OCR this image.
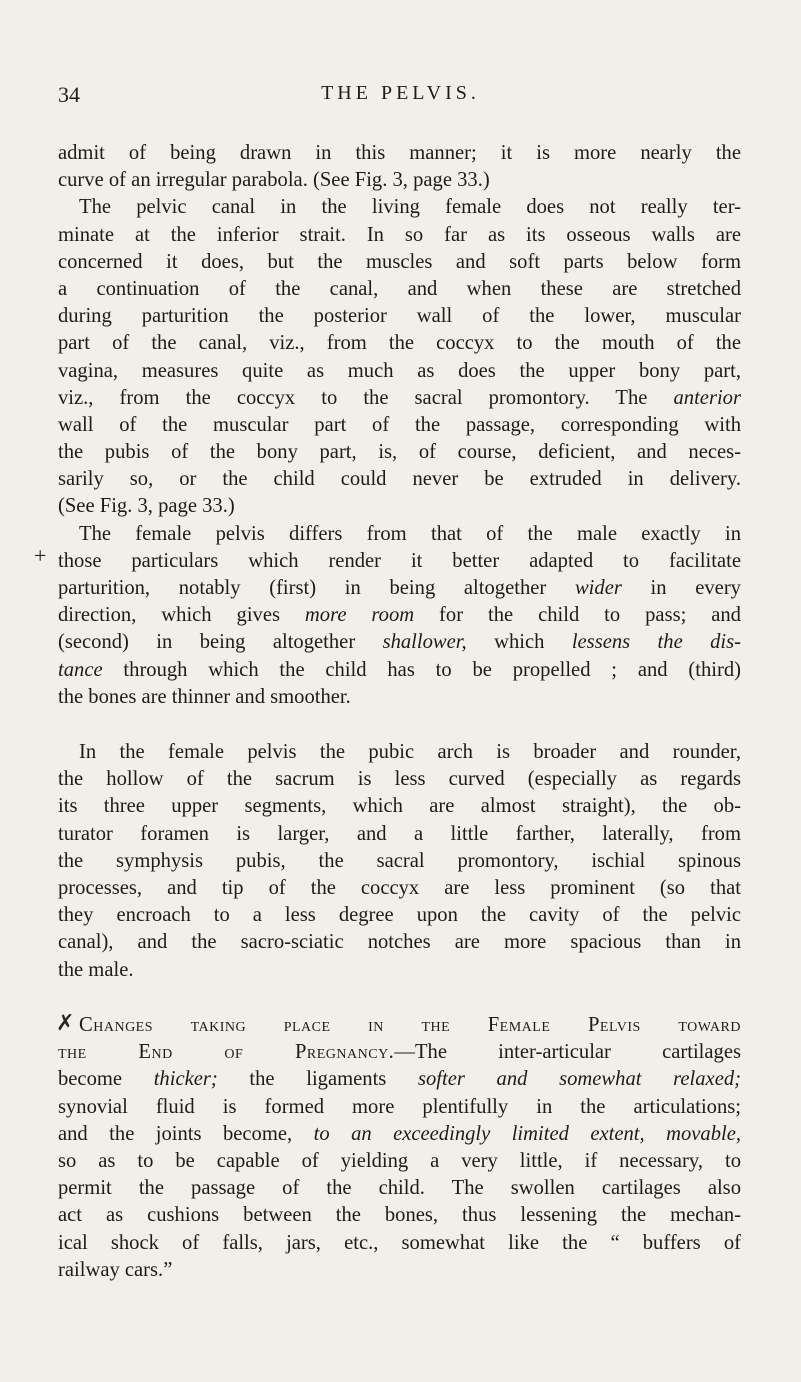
34	THE PELVIS.
admit of being drawn in this manner; it is more nearly the
curve of an irregular parabola. (See Fig. 3, page 33.)
The pelvic canal in the living female does not really ter-
minate at the inferior strait. In so far as its osseous walls are
concerned it does, but the muscles and soft parts below form
a continuation of the canal, and when these are stretched
during parturition the posterior wall of the lower, muscular
part of the canal, viz., from the coccyx to the mouth of the
vagina, measures quite as much as does the upper bony part,
viz., from the coccyx to the sacral promontory. The anterior
wall of the muscular part of the passage, corresponding with
the pubis of the bony part, is, of course, deficient, and neces-
sarily so, or the child could never be extruded in delivery.
(See Fig. 3, page 33.)
The female pelvis differs from that of the male exactly in
those particulars which render it better adapted to facilitate
parturition, notably (first) in being altogether wider in every
direction, which gives more room for the child to pass; and
(second) in being altogether shallower, which lessens the dis-
tance through which the child has to be propelled ; and (third)
the bones are thinner and smoother.
In the female pelvis the pubic arch is broader and rounder,
the hollow of the sacrum is less curved (especially as regards
its three upper segments, which are almost straight), the ob-
turator foramen is larger, and a little farther, laterally, from
the symphysis pubis, the sacral promontory, ischial spinous
processes, and tip of the coccyx are less prominent (so that
they encroach to a less degree upon the cavity of the pelvic
canal), and the sacro-sciatic notches are more spacious than in
the male.
Changes taking place in the Female Pelvis toward
the End of Pregnancy.—The inter-articular cartilages
become thicker; the ligaments softer and somewhat relaxed;
synovial fluid is formed more plentifully in the articulations;
and the joints become, to an exceedingly limited extent, movable,
so as to be capable of yielding a very little, if necessary, to
permit the passage of the child. The swollen cartilages also
act as cushions between the bones, thus lessening the mechan-
ical shock of falls, jars, etc., somewhat like the “ buffers of
railway cars.”
+
✗
